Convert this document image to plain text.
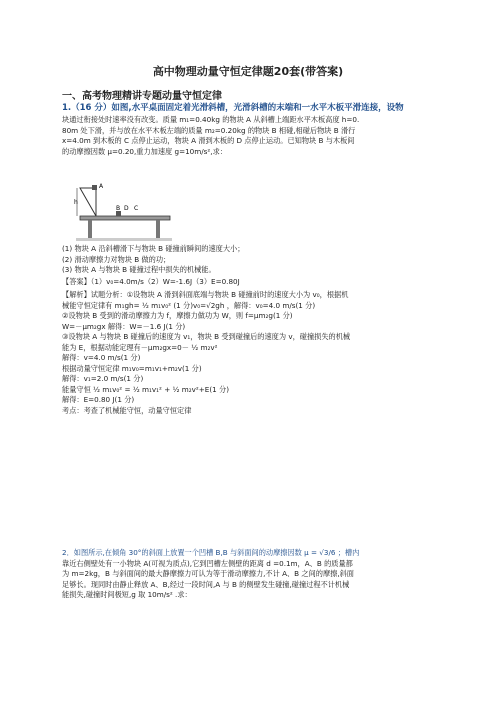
高中物理动量守恒定律题20套(带答案)
一、高考物理精讲专题动量守恒定律
1.（16 分）如图,水平桌面固定着光滑斜槽，光滑斜槽的末端和一水平木板平滑连接，设物
块通过衔接处时速率没有改变。质量 m₁=0.40kg 的物块 A 从斜槽上端距水平木板高度 h=0.
80m 处下滑，并与放在水平木板左端的质量 m₂=0.20kg 的物块 B 相碰,相碰后物块 B 滑行
x=4.0m 到木板的 C 点停止运动，物块 A 滑到木板的 D 点停止运动。已知物块 B 与木板间
的动摩擦因数 μ=0.20,重力加速度 g=10m/s²,求：
A
h
B D C
(1) 物块 A 沿斜槽滑下与物块 B 碰撞前瞬间的速度大小；
(2) 滑动摩擦力对物块 B 做的功；
(3) 物块 A 与物块 B 碰撞过程中损失的机械能。
【答案】（1）v₀=4.0m/s（2）W=-1.6J（3）E=0.80J
【解析】试题分析：①设物块 A 滑到斜面底端与物块 B 碰撞前时的速度大小为 v₀，根据机
械能守恒定律有 m₁gh= ½ m₁v₀² (1 分)v₀=√2gh ，解得：v₀=4.0 m/s(1 分)
②设物块 B 受到的滑动摩擦力为 f，摩擦力做功为 W，则 f=μm₂g(1 分)
W=－μm₂gx 解得：W=－1.6 J(1 分)
③设物块 A 与物块 B 碰撞后的速度为 v₁，物块 B 受到碰撞后的速度为 v，碰撞损失的机械
能为 E，根据动能定理有－μm₂gx=0－ ½ m₂v²
解得：v=4.0 m/s(1 分)
根据动量守恒定律 m₁v₀=m₁v₁+m₂v(1 分)
解得：v₁=2.0 m/s(1 分)
能量守恒 ½ m₁v₀² = ½ m₁v₁² + ½ m₂v²+E(1 分)
解得：E=0.80 J(1 分)
考点：考查了机械能守恒，动量守恒定律
2．如图所示,在倾角 30°的斜面上放置一个凹槽 B,B 与斜面间的动摩擦因数 μ = √3/6 ；槽内
靠近右侧壁处有一小物块 A(可视为质点),它到凹槽左侧壁的距离 d =0.1m，A、B 的质量都
为 m=2kg，B 与斜面间的最大静摩擦力可认为等于滑动摩擦力,不计 A、B 之间的摩擦,斜面
足够长。现同时由静止释放 A、B,经过一段时间,A 与 B 的侧壁发生碰撞,碰撞过程不计机械
能损失,碰撞时间极短,g 取 10m/s² .求：
